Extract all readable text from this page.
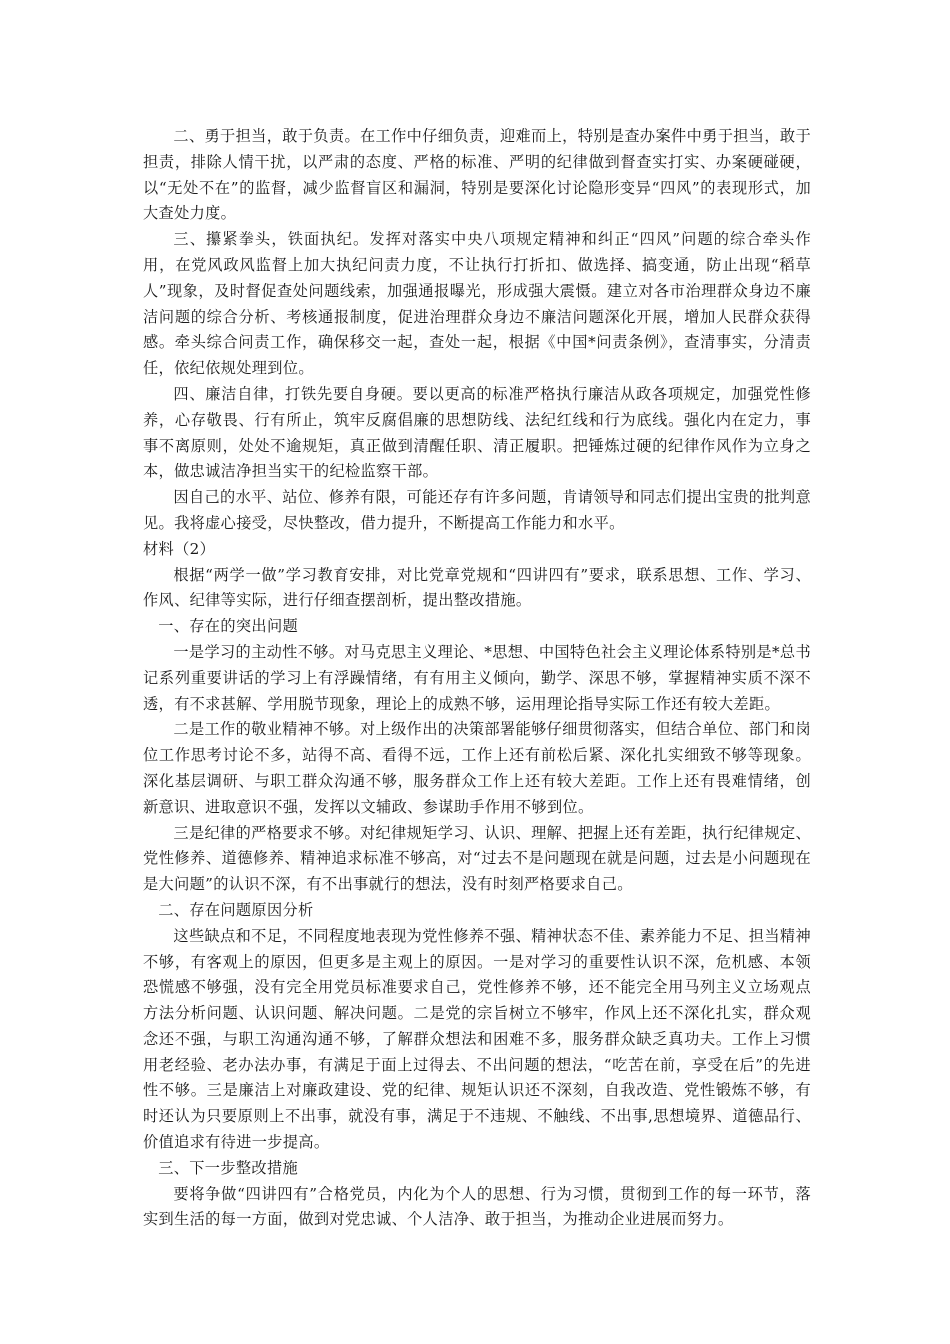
二、勇于担当，敢于负责。在工作中仔细负责，迎难而上，特别是查办案件中勇于担当，敢于担责，排除人情干扰，以严肃的态度、严格的标准、严明的纪律做到督查实打实、办案硬碰硬，以“无处不在”的监督，减少监督盲区和漏洞，特别是要深化讨论隐形变异“四风”的表现形式，加大查处力度。

三、攥紧拳头，铁面执纪。发挥对落实中央八项规定精神和纠正“四风”问题的综合牵头作用，在党风政风监督上加大执纪问责力度，不让执行打折扣、做选择、搞变通，防止出现“稻草人”现象，及时督促查处问题线索，加强通报曝光，形成强大震慑。建立对各市治理群众身边不廉洁问题的综合分析、考核通报制度，促进治理群众身边不廉洁问题深化开展，增加人民群众获得感。牵头综合问责工作，确保移交一起，查处一起，根据《中国*问责条例》，查清事实，分清责任，依纪依规处理到位。

四、廉洁自律，打铁先要自身硬。要以更高的标准严格执行廉洁从政各项规定，加强党性修养，心存敬畏、行有所止，筑牢反腐倡廉的思想防线、法纪红线和行为底线。强化内在定力，事事不离原则，处处不逾规矩，真正做到清醒任职、清正履职。把锤炼过硬的纪律作风作为立身之本，做忠诚洁净担当实干的纪检监察干部。

因自己的水平、站位、修养有限，可能还存有许多问题，肯请领导和同志们提出宝贵的批判意见。我将虚心接受，尽快整改，借力提升，不断提高工作能力和水平。

材料（2）

根据“两学一做”学习教育安排，对比党章党规和“四讲四有”要求，联系思想、工作、学习、作风、纪律等实际，进行仔细查摆剖析，提出整改措施。

一、存在的突出问题

一是学习的主动性不够。对马克思主义理论、*思想、中国特色社会主义理论体系特别是*总书记系列重要讲话的学习上有浮躁情绪，有有用主义倾向，勤学、深思不够，掌握精神实质不深不透，有不求甚解、学用脱节现象，理论上的成熟不够，运用理论指导实际工作还有较大差距。

二是工作的敬业精神不够。对上级作出的决策部署能够仔细贯彻落实，但结合单位、部门和岗位工作思考讨论不多，站得不高、看得不远，工作上还有前松后紧、深化扎实细致不够等现象。深化基层调研、与职工群众沟通不够，服务群众工作上还有较大差距。工作上还有畏难情绪，创新意识、进取意识不强，发挥以文辅政、参谋助手作用不够到位。

三是纪律的严格要求不够。对纪律规矩学习、认识、理解、把握上还有差距，执行纪律规定、党性修养、道德修养、精神追求标准不够高，对“过去不是问题现在就是问题，过去是小问题现在是大问题”的认识不深，有不出事就行的想法，没有时刻严格要求自己。

二、存在问题原因分析

这些缺点和不足，不同程度地表现为党性修养不强、精神状态不佳、素养能力不足、担当精神不够，有客观上的原因，但更多是主观上的原因。一是对学习的重要性认识不深，危机感、本领恐慌感不够强，没有完全用党员标准要求自己，党性修养不够，还不能完全用马列主义立场观点方法分析问题、认识问题、解决问题。二是党的宗旨树立不够牢，作风上还不深化扎实，群众观念还不强，与职工沟通沟通不够，了解群众想法和困难不多，服务群众缺乏真功夫。工作上习惯用老经验、老办法办事，有满足于面上过得去、不出问题的想法，“吃苦在前，享受在后”的先进性不够。三是廉洁上对廉政建设、党的纪律、规矩认识还不深刻，自我改造、党性锻炼不够，有时还认为只要原则上不出事，就没有事，满足于不违规、不触线、不出事,思想境界、道德品行、价值追求有待进一步提高。

三、下一步整改措施

要将争做“四讲四有”合格党员，内化为个人的思想、行为习惯，贯彻到工作的每一环节，落实到生活的每一方面，做到对党忠诚、个人洁净、敢于担当，为推动企业进展而努力。
